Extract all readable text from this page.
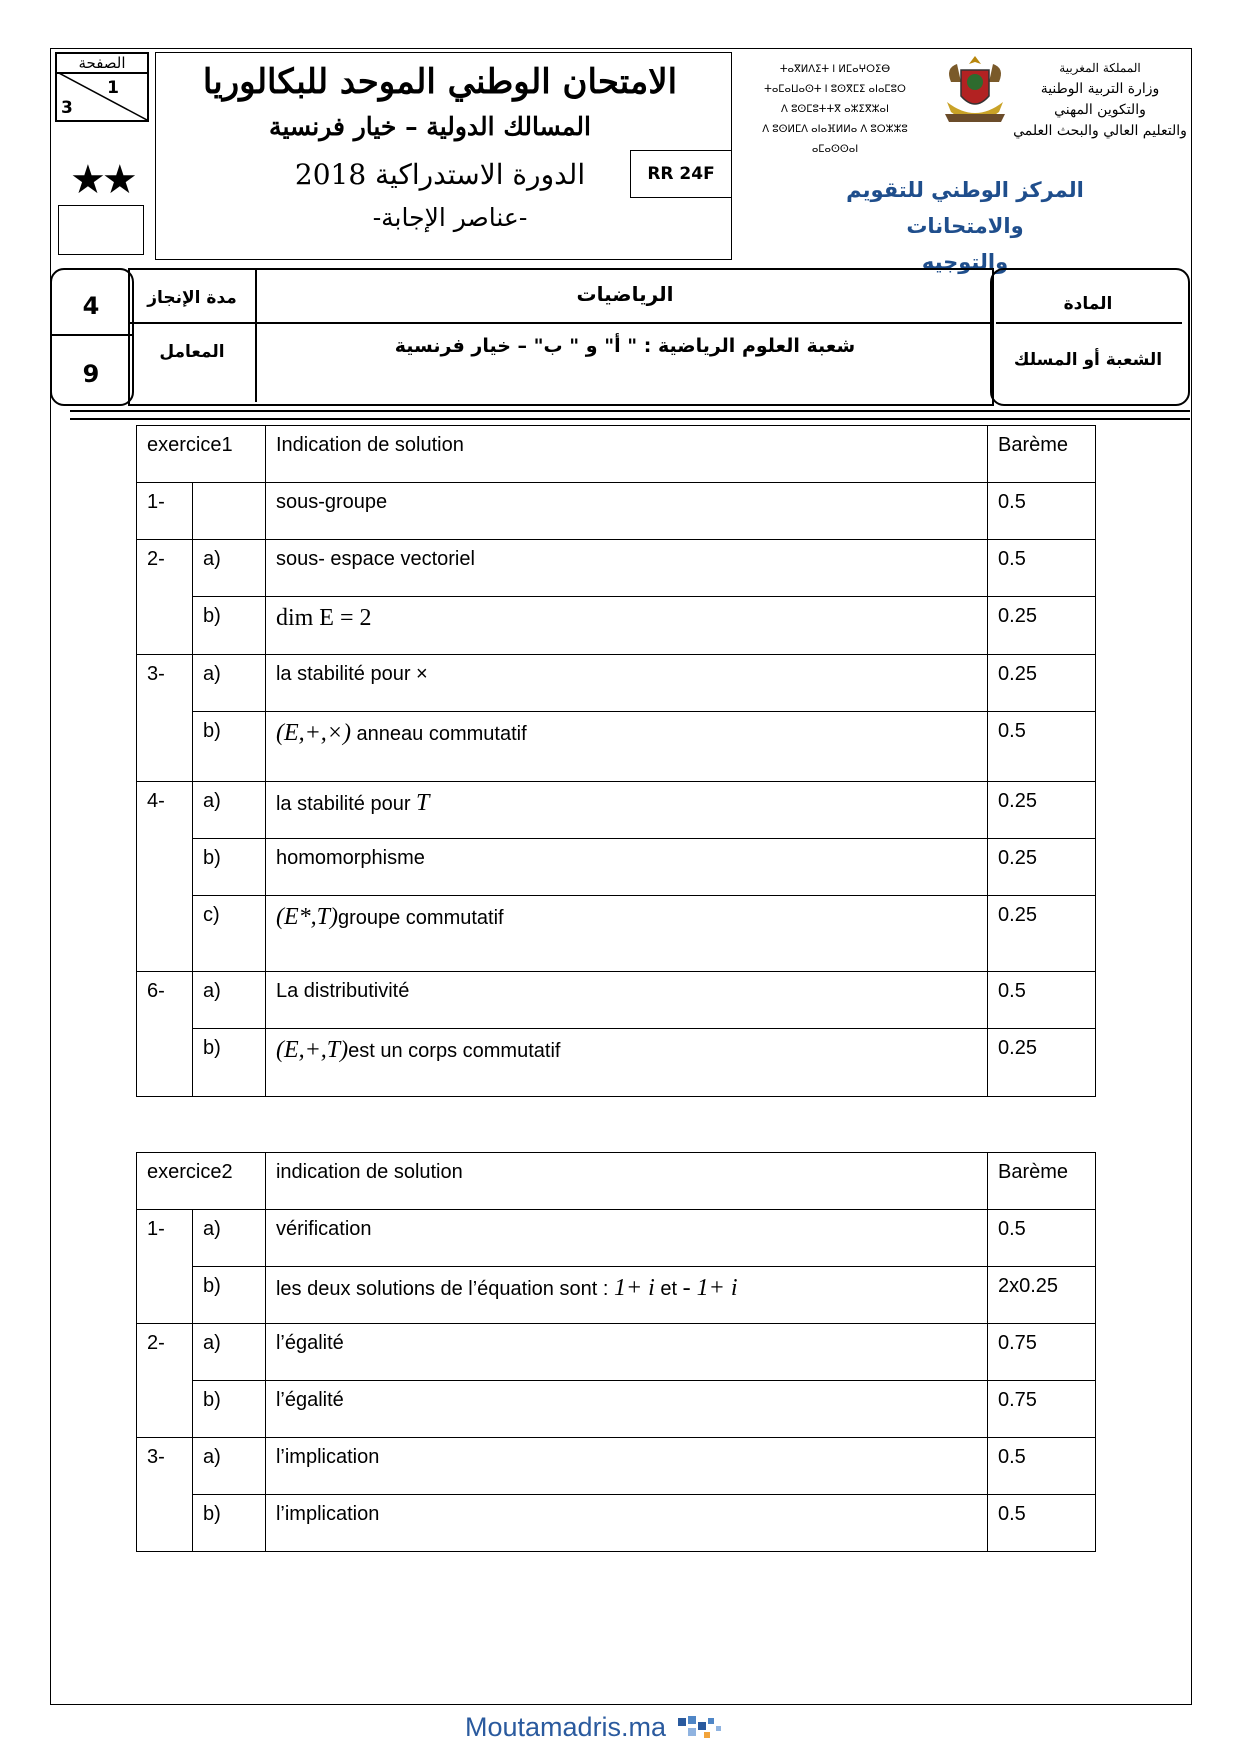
الصفحة
1
3
★★
الامتحان الوطني الموحد للبكالوريا
المسالك الدولية – خيار فرنسية
الدورة الاستدراكية 2018
-عناصر الإجابة-
RR 24F
ⵜⴰⴳⵍⴷⵉⵜ ⵏ ⵍⵎⴰⵖⵔⵉⴱ
ⵜⴰⵎⴰⵡⴰⵙⵜ ⵏ ⵓⵙⴳⵎⵉ ⴰⵏⴰⵎⵓⵔ
ⴷ ⵓⵙⵎⵓⵜⵜⴳ ⴰⵣⵉⴳⵣⴰⵏ
ⴷ ⵓⵙⵍⵎⴷ ⴰⵏⴰⴼⵍⵍⴰ ⴷ ⵓⵔⵣⵣⵓ ⴰⵎⴰⵙⵙⴰⵏ
المملكة المغربية
وزارة التربية الوطنية
والتكوين المهني
والتعليم العالي والبحث العلمي
المركز الوطني للتقويم والامتحانات
والتوجيه
4
9
مدة الإنجاز
المعامل
الرياضيات
شعبة العلوم الرياضية : " أ" و " ب" – خيار فرنسية
المادة
الشعبة أو المسلك
exercice1		Indication de solution	Barème
1-		sous-groupe	0.5
2-	a)	sous- espace vectoriel	0.5
	b)	dim E = 2	0.25
3-	a)	la stabilité pour ×	0.25
	b)	(E,+,×) anneau commutatif	0.5
4-	a)	la stabilité pour T	0.25
	b)	homomorphisme	0.25
	c)	(E*,T)groupe commutatif	0.25
6-	a)	La distributivité	0.5
	b)	(E,+,T)est un corps commutatif	0.25
exercice2		indication de solution	Barème
1-	a)	vérification	0.5
	b)	les deux solutions de l’équation sont : 1+ i et - 1+ i	2x0.25
2-	a)	l’égalité	0.75
	b)	l’égalité	0.75
3-	a)	l’implication	0.5
	b)	l’implication	0.5
Moutamadris.ma
